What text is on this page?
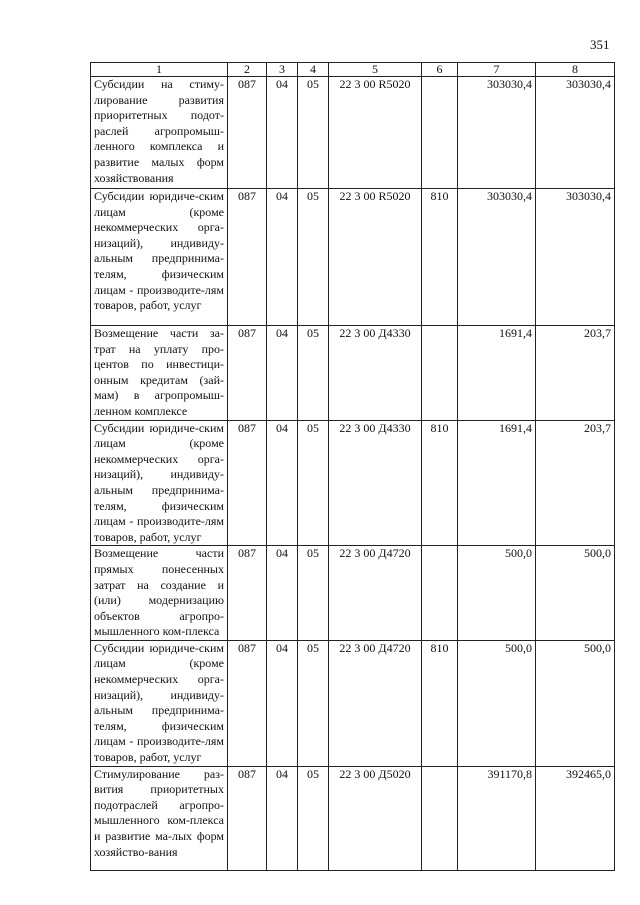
351
1	2	3	4	5	6	7	8
Субсидии на стиму-лирование развития приоритетных подот-раслей агропромыш-ленного комплекса и развитие малых форм хозяйствования	087	04	05	22 3 00 R5020		303030,4	303030,4
Субсидии юридиче-ским лицам (кроме некоммерческих орга-низаций), индивиду-альным предпринима-телям, физическим лицам - производите-лям товаров, работ, услуг	087	04	05	22 3 00 R5020	810	303030,4	303030,4
Возмещение части за-трат на уплату про-центов по инвестици-онным кредитам (зай-мам) в агропромыш-ленном комплексе	087	04	05	22 3 00 Д4330		1691,4	203,7
Субсидии юридиче-ским лицам (кроме некоммерческих орга-низаций), индивиду-альным предпринима-телям, физическим лицам - производите-лям товаров, работ, услуг	087	04	05	22 3 00 Д4330	810	1691,4	203,7
Возмещение части прямых понесенных затрат на создание и (или) модернизацию объектов агропро-мышленного ком-плекса	087	04	05	22 3 00 Д4720		500,0	500,0
Субсидии юридиче-ским лицам (кроме некоммерческих орга-низаций), индивиду-альным предпринима-телям, физическим лицам - производите-лям товаров, работ, услуг	087	04	05	22 3 00 Д4720	810	500,0	500,0
Стимулирование раз-вития приоритетных подотраслей агропро-мышленного ком-плекса и развитие ма-лых форм хозяйство-вания	087	04	05	22 3 00 Д5020		391170,8	392465,0
